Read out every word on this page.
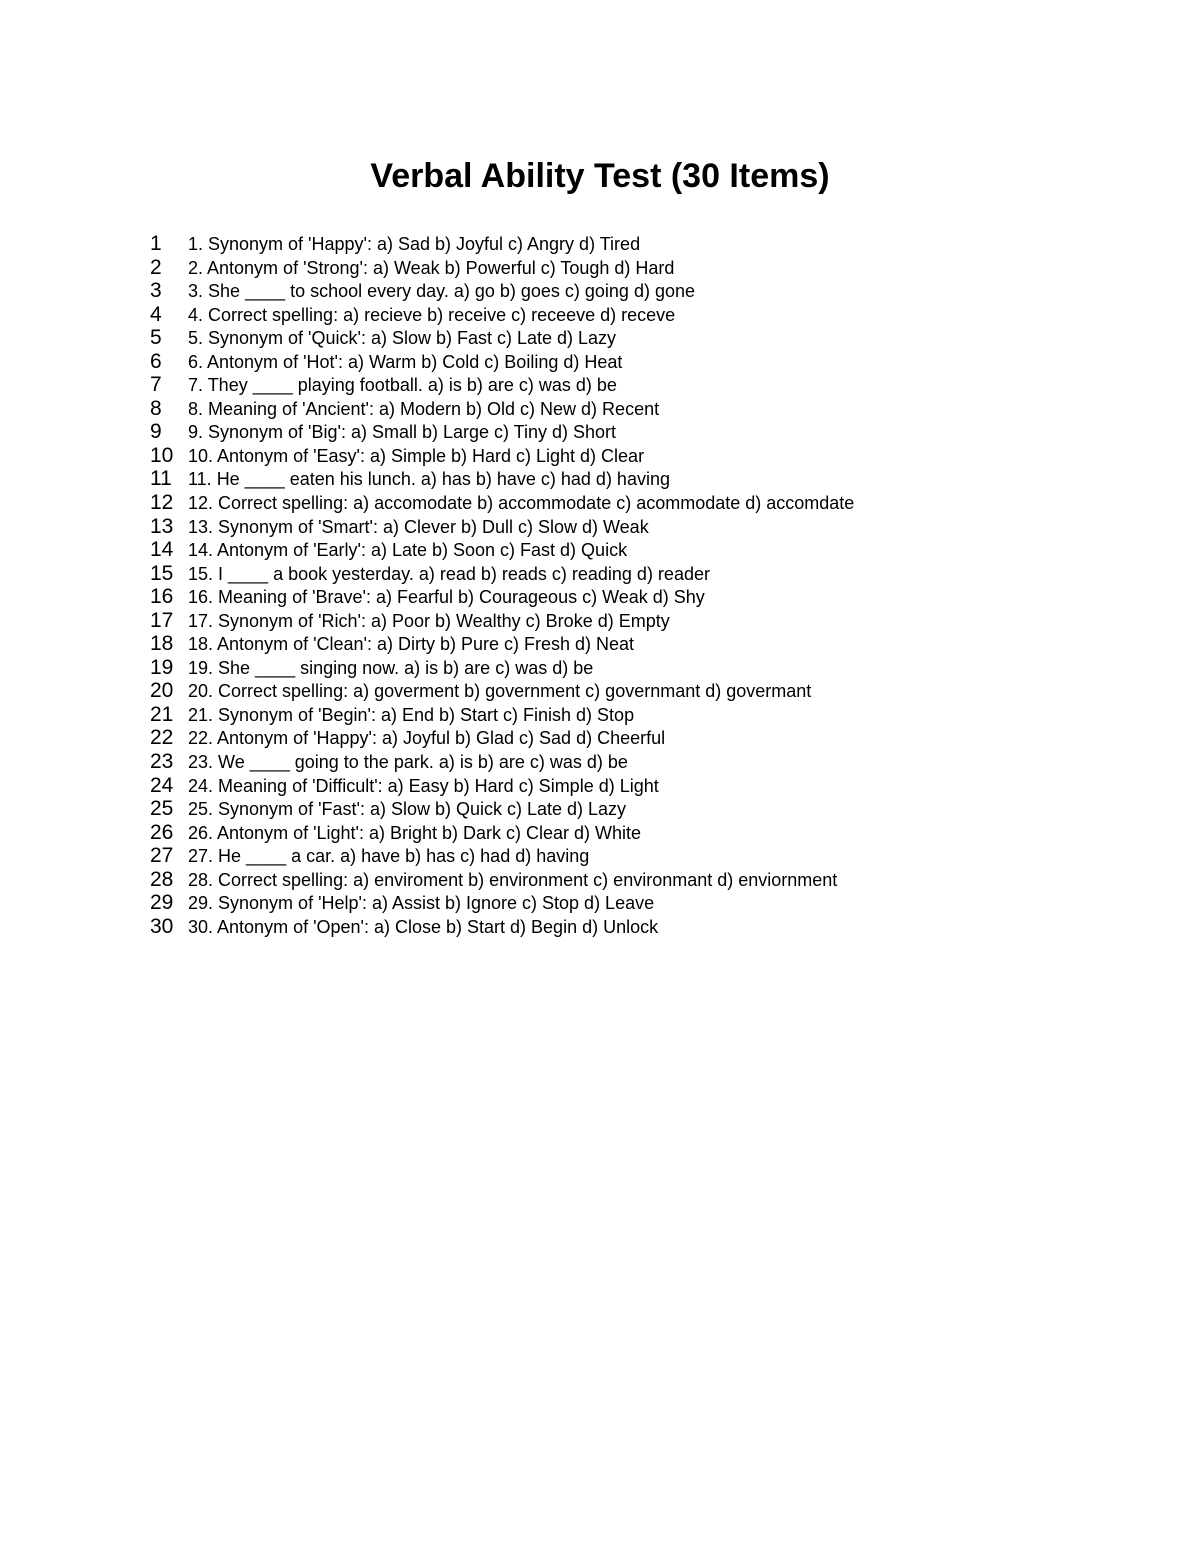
Verbal Ability Test (30 Items)
1	1. Synonym of 'Happy': a) Sad b) Joyful c) Angry d) Tired
2	2. Antonym of 'Strong': a) Weak b) Powerful c) Tough d) Hard
3	3. She ____ to school every day. a) go b) goes c) going d) gone
4	4. Correct spelling: a) recieve b) receive c) receeve d) receve
5	5. Synonym of 'Quick': a) Slow b) Fast c) Late d) Lazy
6	6. Antonym of 'Hot': a) Warm b) Cold c) Boiling d) Heat
7	7. They ____ playing football. a) is b) are c) was d) be
8	8. Meaning of 'Ancient': a) Modern b) Old c) New d) Recent
9	9. Synonym of 'Big': a) Small b) Large c) Tiny d) Short
10 10. Antonym of 'Easy': a) Simple b) Hard c) Light d) Clear
11 11. He ____ eaten his lunch. a) has b) have c) had d) having
12 12. Correct spelling: a) accomodate b) accommodate c) acommodate d) accomdate
13 13. Synonym of 'Smart': a) Clever b) Dull c) Slow d) Weak
14 14. Antonym of 'Early': a) Late b) Soon c) Fast d) Quick
15 15. I ____ a book yesterday. a) read b) reads c) reading d) reader
16 16. Meaning of 'Brave': a) Fearful b) Courageous c) Weak d) Shy
17 17. Synonym of 'Rich': a) Poor b) Wealthy c) Broke d) Empty
18 18. Antonym of 'Clean': a) Dirty b) Pure c) Fresh d) Neat
19 19. She ____ singing now. a) is b) are c) was d) be
20 20. Correct spelling: a) goverment b) government c) governmant d) govermant
21 21. Synonym of 'Begin': a) End b) Start c) Finish d) Stop
22 22. Antonym of 'Happy': a) Joyful b) Glad c) Sad d) Cheerful
23 23. We ____ going to the park. a) is b) are c) was d) be
24 24. Meaning of 'Difficult': a) Easy b) Hard c) Simple d) Light
25 25. Synonym of 'Fast': a) Slow b) Quick c) Late d) Lazy
26 26. Antonym of 'Light': a) Bright b) Dark c) Clear d) White
27 27. He ____ a car. a) have b) has c) had d) having
28 28. Correct spelling: a) enviroment b) environment c) environmant d) enviornment
29 29. Synonym of 'Help': a) Assist b) Ignore c) Stop d) Leave
30 30. Antonym of 'Open': a) Close b) Start d) Begin d) Unlock
